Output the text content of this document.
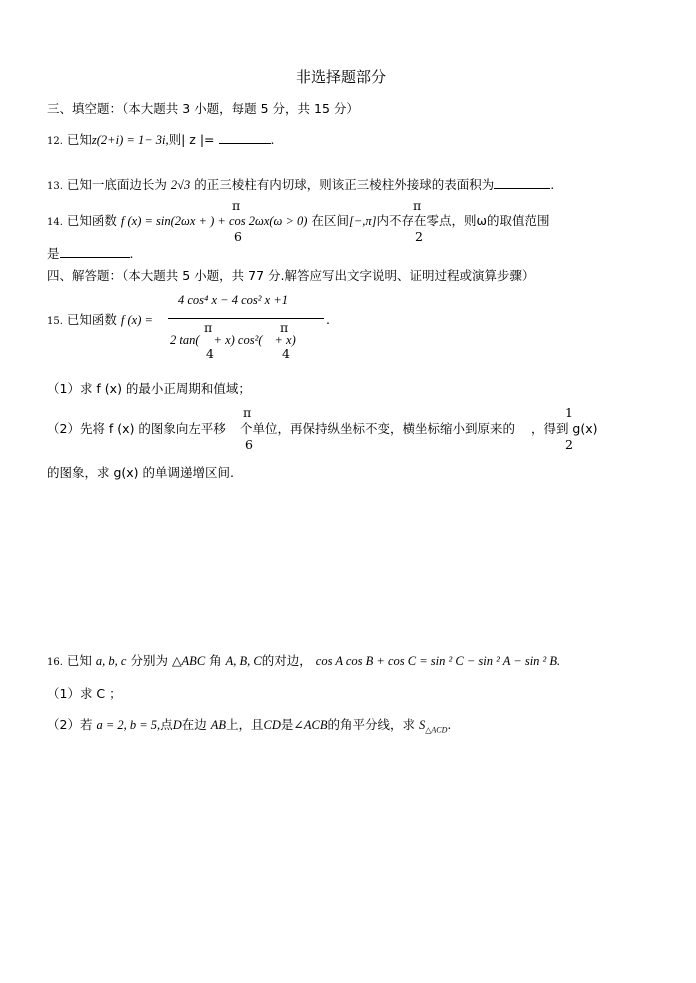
非选择题部分
三、填空题：（本大题共 3 小题，每题 5 分，共 15 分）
12. 已知z(2+i) = 1− 3i,则| z |=	.
13. 已知一底面边长为 2√3 的正三棱柱有内切球，则该正三棱柱外接球的表面积为	.
π
6
π
2
14. 已知函数 f (x) = sin(2ωx + ) + cos 2ωx(ω > 0) 在区间[−,π]内不存在零点，则ω的取值范围
是	.
四、解答题：（本大题共 5 小题，共 77 分.解答应写出文字说明、证明过程或演算步骤）
4 cos⁴ x − 4 cos² x +1
π	π
2 tan( + x) cos²( + x)
4	4
15. 已知函数 f (x) =	.
（1）求 f (x) 的最小正周期和值域；
π
6
1
2
（2）先将 f (x) 的图象向左平移 个单位，再保持纵坐标不变，横坐标缩小到原来的 ，得到 g(x)
的图象，求 g(x) 的单调递增区间.
16. 已知 a, b, c 分别为 △ABC 角 A, B, C的对边， cos A cos B + cos C = sin ² C − sin ² A − sin ² B.
（1）求 C ；
（2）若 a = 2, b = 5,点D在边 AB上，且CD是∠ACB的角平分线，求 $S_{\triangle ACD}$.
